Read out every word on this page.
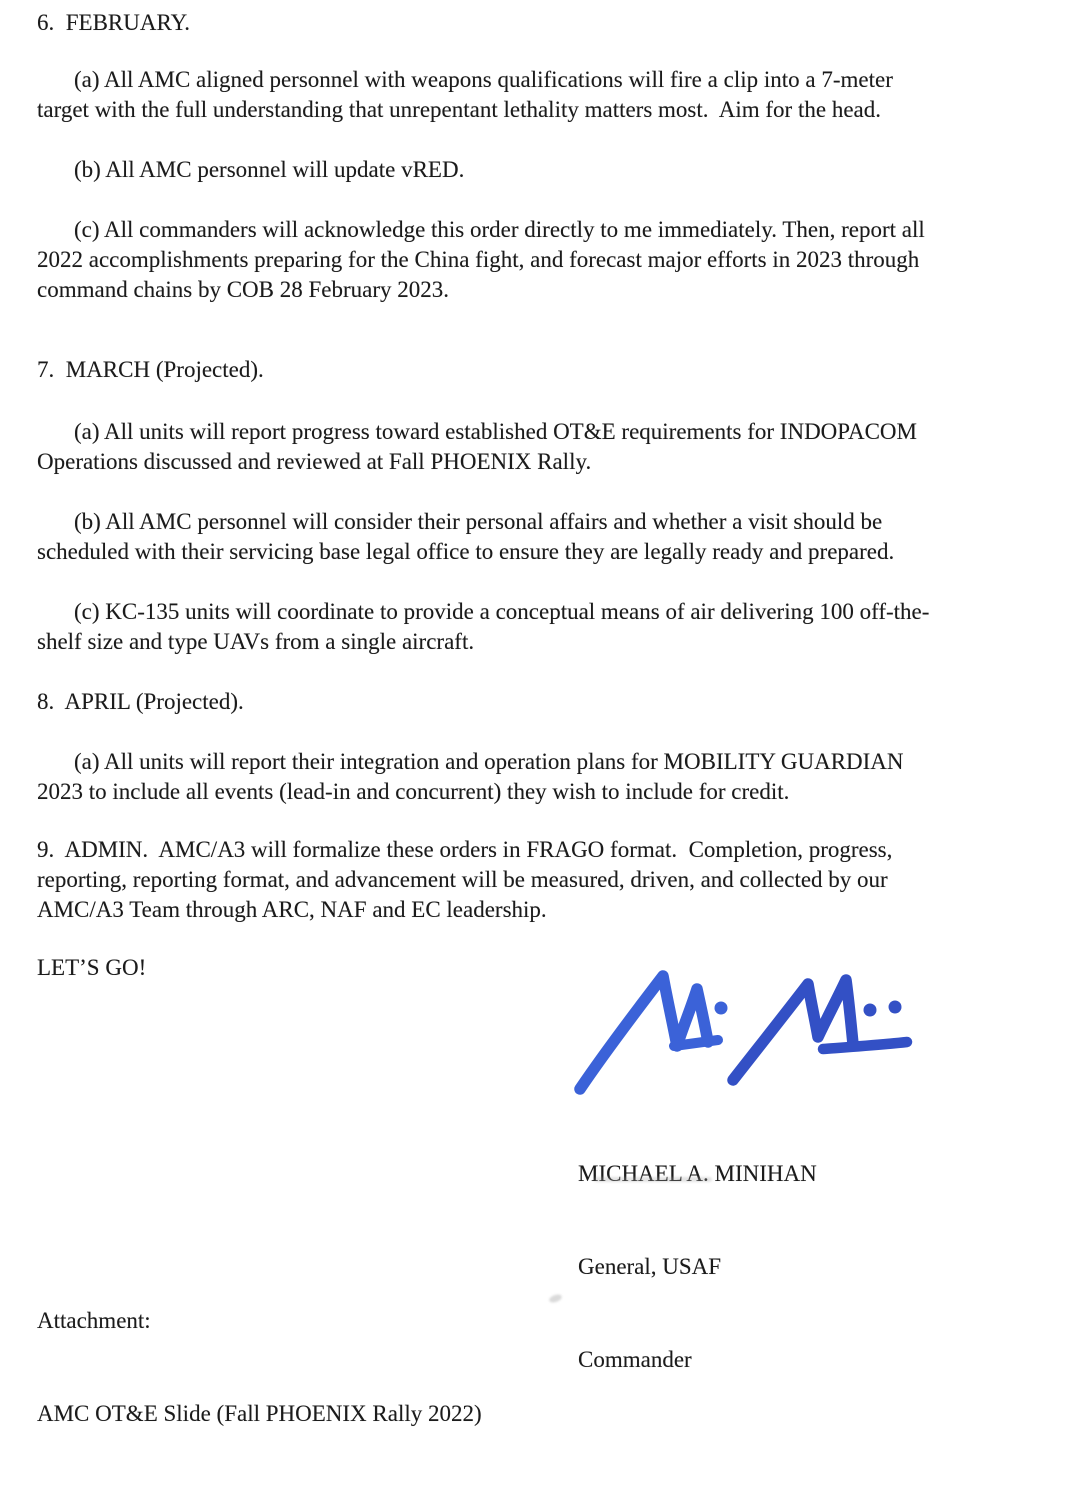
6.  FEBRUARY.

(a) All AMC aligned personnel with weapons qualifications will fire a clip into a 7-meter
target with the full understanding that unrepentant lethality matters most.  Aim for the head.

(b) All AMC personnel will update vRED.

(c) All commanders will acknowledge this order directly to me immediately. Then, report all
2022 accomplishments preparing for the China fight, and forecast major efforts in 2023 through
command chains by COB 28 February 2023.

7.  MARCH (Projected).

(a) All units will report progress toward established OT&E requirements for INDOPACOM
Operations discussed and reviewed at Fall PHOENIX Rally.

(b) All AMC personnel will consider their personal affairs and whether a visit should be
scheduled with their servicing base legal office to ensure they are legally ready and prepared.

(c) KC-135 units will coordinate to provide a conceptual means of air delivering 100 off-the-
shelf size and type UAVs from a single aircraft.

8.  APRIL (Projected).

(a) All units will report their integration and operation plans for MOBILITY GUARDIAN
2023 to include all events (lead-in and concurrent) they wish to include for credit.

9.  ADMIN.  AMC/A3 will formalize these orders in FRAGO format.  Completion, progress,
reporting, reporting format, and advancement will be measured, driven, and collected by our
AMC/A3 Team through ARC, NAF and EC leadership.

LET’S GO!

MICHAEL A. MINIHAN

General, USAF

Commander

Attachment:

AMC OT&E Slide (Fall PHOENIX Rally 2022)
